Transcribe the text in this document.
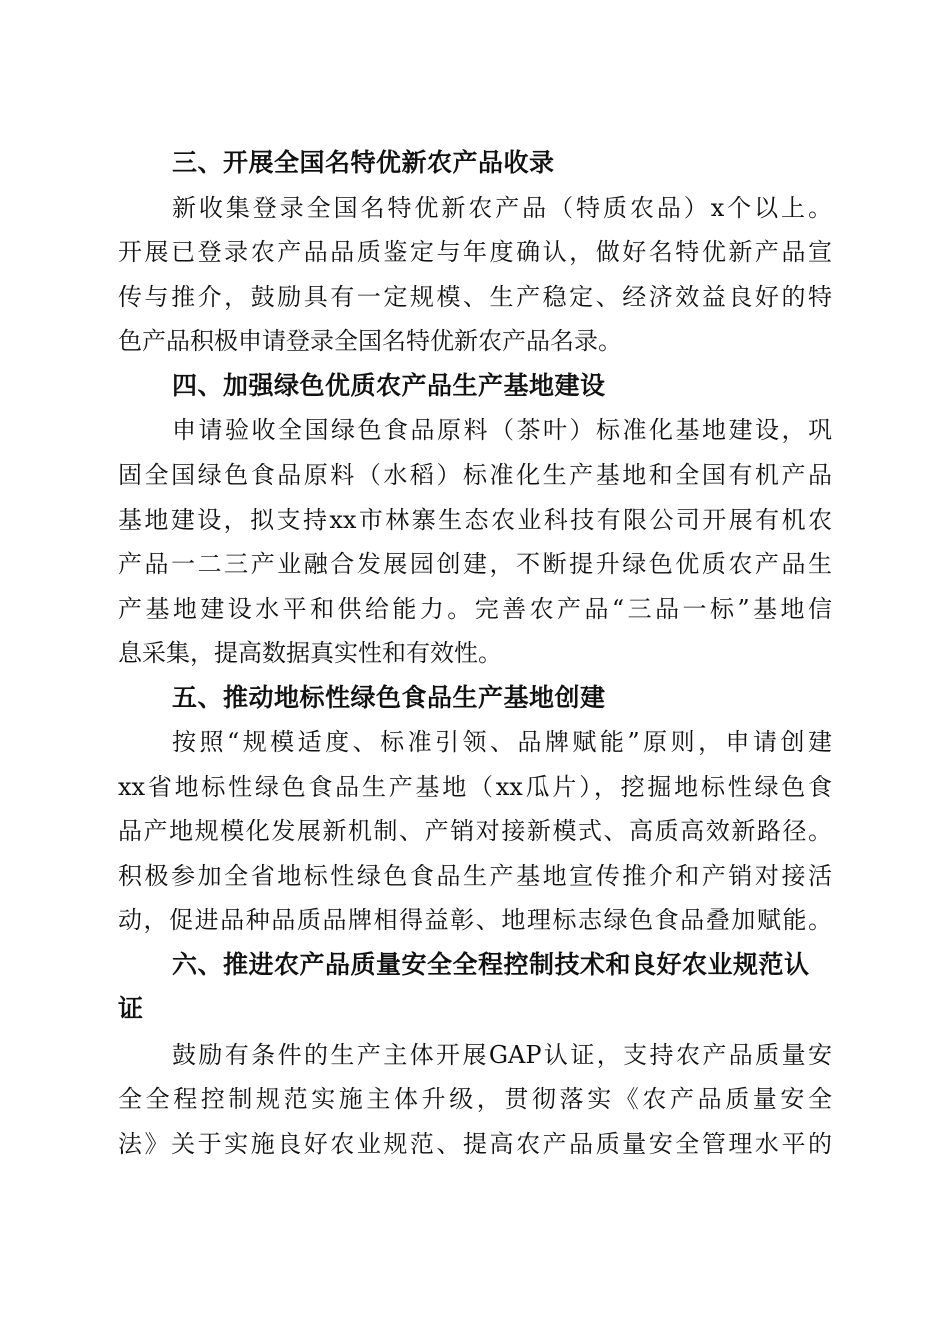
三、开展全国名特优新农产品收录

新收集登录全国名特优新农产品（特质农品）x个以上。

开展已登录农产品品质鉴定与年度确认，做好名特优新产品宣

传与推介，鼓励具有一定规模、生产稳定、经济效益良好的特

色产品积极申请登录全国名特优新农产品名录。

四、加强绿色优质农产品生产基地建设

申请验收全国绿色食品原料（茶叶）标准化基地建设，巩

固全国绿色食品原料（水稻）标准化生产基地和全国有机产品

基地建设，拟支持xx市林寨生态农业科技有限公司开展有机农

产品一二三产业融合发展园创建，不断提升绿色优质农产品生

产基地建设水平和供给能力。完善农产品“三品一标”基地信

息采集，提高数据真实性和有效性。

五、推动地标性绿色食品生产基地创建

按照“规模适度、标准引领、品牌赋能”原则，申请创建

xx省地标性绿色食品生产基地（xx瓜片），挖掘地标性绿色食

品产地规模化发展新机制、产销对接新模式、高质高效新路径。

积极参加全省地标性绿色食品生产基地宣传推介和产销对接活

动，促进品种品质品牌相得益彰、地理标志绿色食品叠加赋能。

六、推进农产品质量安全全程控制技术和良好农业规范认证

鼓励有条件的生产主体开展GAP认证，支持农产品质量安

全全程控制规范实施主体升级，贯彻落实《农产品质量安全

法》关于实施良好农业规范、提高农产品质量安全管理水平的
